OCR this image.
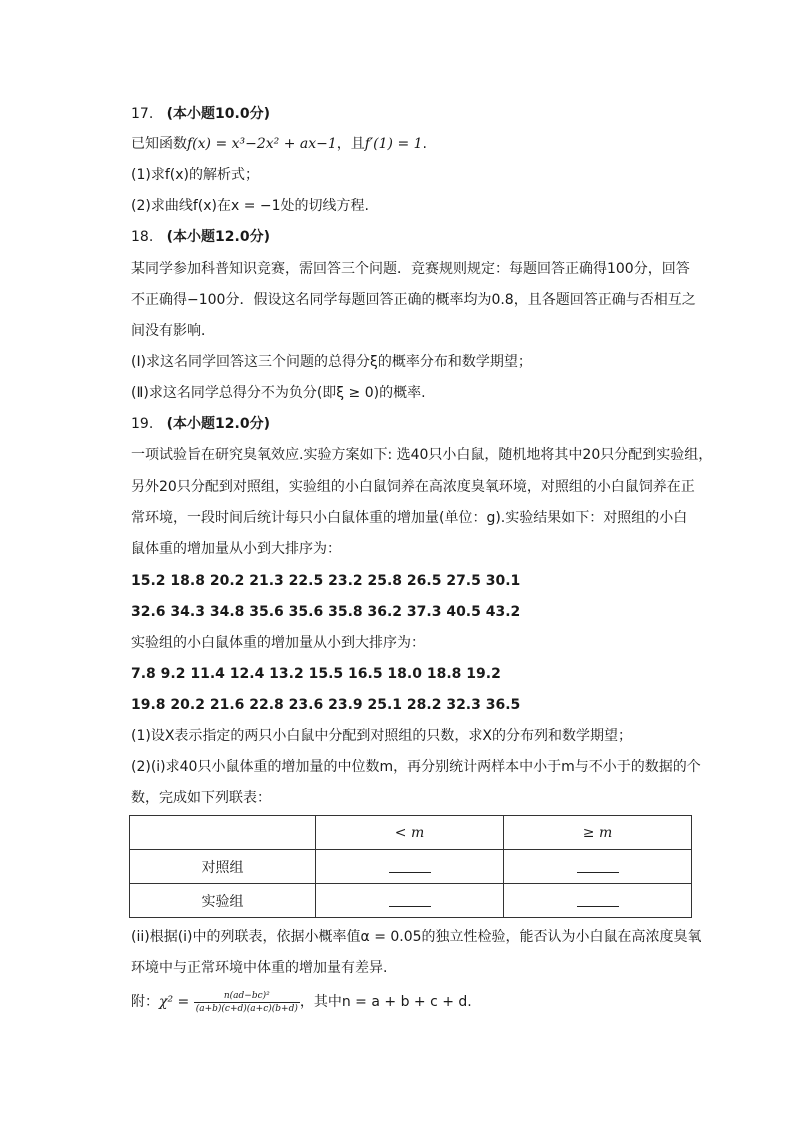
17. (本小题10.0分)
已知函数f(x) = x³−2x² + ax−1，且f′(1) = 1.
(1)求f(x)的解析式；
(2)求曲线f(x)在x = −1处的切线方程.
18. (本小题12.0分)
某同学参加科普知识竞赛，需回答三个问题．竞赛规则规定：每题回答正确得100分，回答
不正确得−100分．假设这名同学每题回答正确的概率均为0.8，且各题回答正确与否相互之
间没有影响．
(Ⅰ)求这名同学回答这三个问题的总得分ξ的概率分布和数学期望；
(Ⅱ)求这名同学总得分不为负分(即ξ ≥ 0)的概率.
19. (本小题12.0分)
一项试验旨在研究臭氧效应.实验方案如下: 选40只小白鼠，随机地将其中20只分配到实验组，
另外20只分配到对照组，实验组的小白鼠饲养在高浓度臭氧环境，对照组的小白鼠饲养在正
常环境，一段时间后统计每只小白鼠体重的增加量(单位：g).实验结果如下：对照组的小白
鼠体重的增加量从小到大排序为：
15.2 18.8 20.2 21.3 22.5 23.2 25.8 26.5 27.5 30.1
32.6 34.3 34.8 35.6 35.6 35.8 36.2 37.3 40.5 43.2
实验组的小白鼠体重的增加量从小到大排序为：
7.8 9.2 11.4 12.4 13.2 15.5 16.5 18.0 18.8 19.2
19.8 20.2 21.6 22.8 23.6 23.9 25.1 28.2 32.3 36.5
(1)设X表示指定的两只小白鼠中分配到对照组的只数，求X的分布列和数学期望；
(2)(i)求40只小鼠体重的增加量的中位数m，再分别统计两样本中小于m与不小于的数据的个
数，完成如下列联表：
	< m	≥ m
对照组		
实验组		
(ii)根据(i)中的列联表，依据小概率值α = 0.05的独立性检验，能否认为小白鼠在高浓度臭氧
环境中与正常环境中体重的增加量有差异.
附：$\chi^2 = \frac{\text{n(ad−bc)²}}{(a+b)(c+d)(a+c)(b+d)}$ ，其中n = a + b + c + d.
